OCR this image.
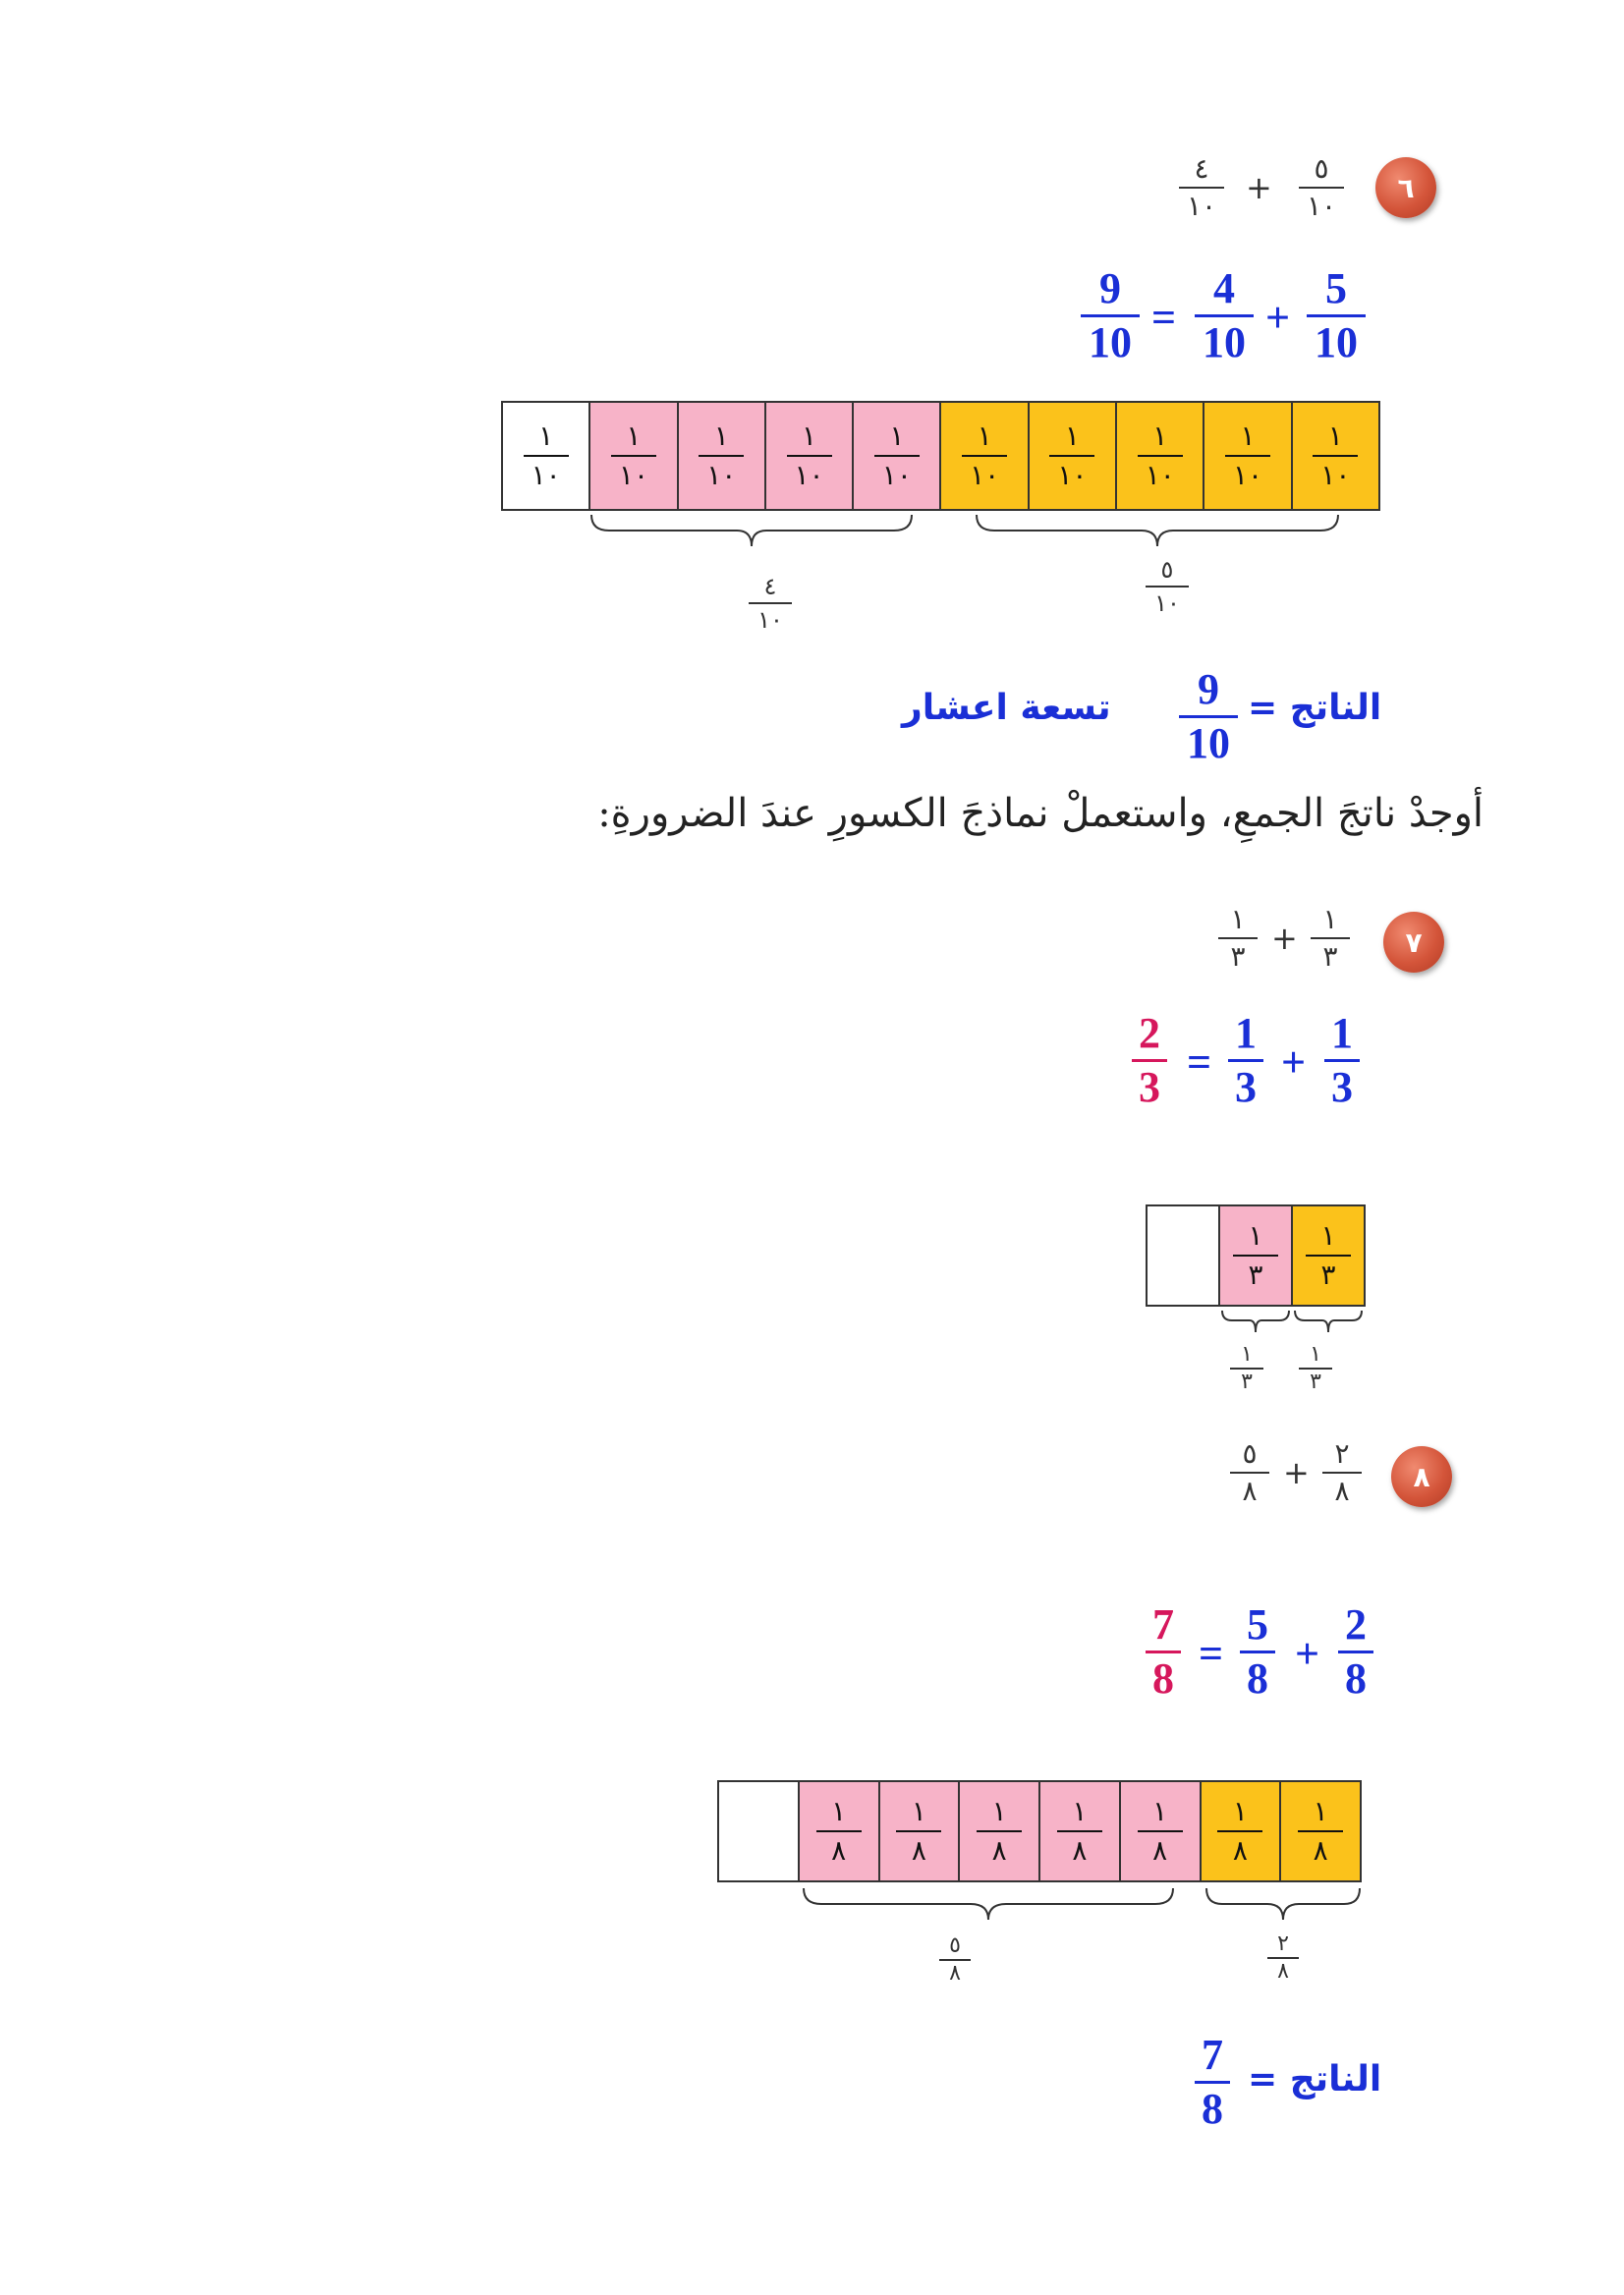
٦
٤
١٠ +
٥
١٠
9
10
=
4
10
+
5
10
١
١٠
١
١٠
١
١٠
١
١٠
١
١٠
١
١٠
١
١٠
١
١٠
١
١٠
١
١٠
٤
١٠
٥
١٠
الناتج =
9
10
تسعة اعشار
أوجدْ ناتجَ الجمعِ، واستعملْ نماذجَ الكسورِ عندَ الضرورةِ:
٧
١
٣ +
١
٣
2
3
=
1
3
+
1
3
١
٣
١
٣
١
٣
١
٣
٨
٥
٨ +
٢
٨
7
8
=
5
8
+
2
8
١
٨
١
٨
١
٨
١
٨
١
٨
١
٨
١
٨
٥
٨
٢
٨
الناتج =
7
8
